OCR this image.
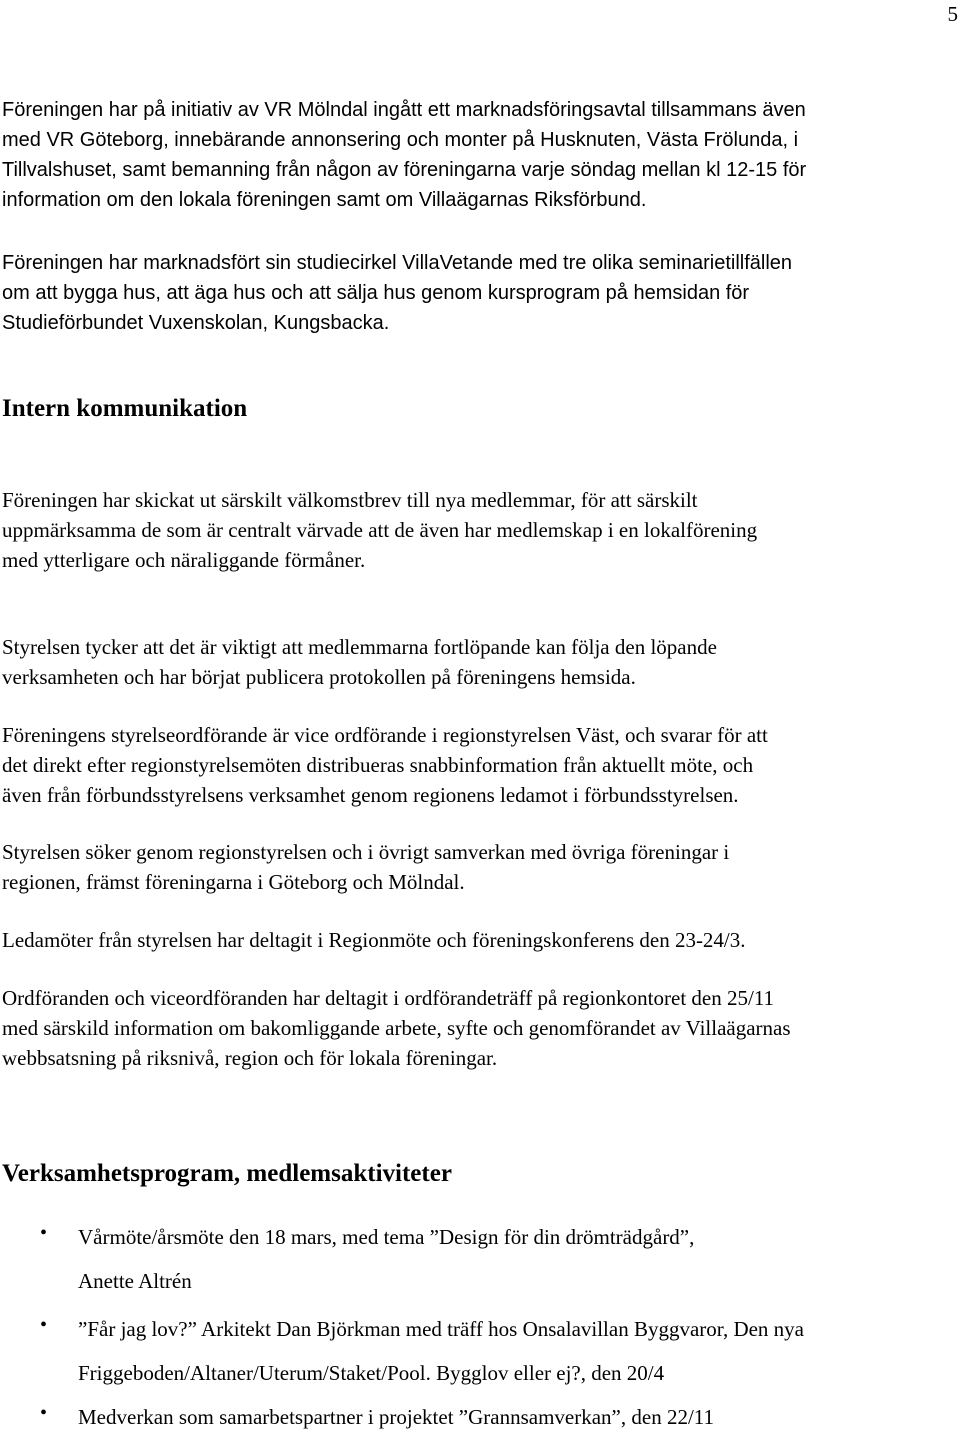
5

Föreningen har på initiativ av VR Mölndal ingått ett marknadsföringsavtal tillsammans även
med VR Göteborg, innebärande annonsering och monter på Husknuten, Västa Frölunda, i
Tillvalshuset, samt bemanning från någon av föreningarna varje söndag mellan kl 12-15 för
information om den lokala föreningen samt om Villaägarnas Riksförbund.

Föreningen har marknadsfört sin studiecirkel VillaVetande med tre olika seminarietillfällen
om att bygga hus, att äga hus och att sälja hus genom kursprogram på hemsidan för
Studieförbundet Vuxenskolan, Kungsbacka.

Intern kommunikation

Föreningen har skickat ut särskilt välkomstbrev till nya medlemmar, för att särskilt
uppmärksamma de som är centralt värvade att de även har medlemskap i en lokalförening
med ytterligare och näraliggande förmåner.

Styrelsen tycker att det är viktigt att medlemmarna fortlöpande kan följa den löpande
verksamheten och har börjat publicera protokollen på föreningens hemsida.

Föreningens styrelseordförande är vice ordförande i regionstyrelsen Väst, och svarar för att
det direkt efter regionstyrelsemöten distribueras snabbinformation från aktuellt möte, och
även från förbundsstyrelsens verksamhet genom regionens ledamot i förbundsstyrelsen.

Styrelsen söker genom regionstyrelsen och i övrigt samverkan med övriga föreningar i
regionen, främst föreningarna i Göteborg och Mölndal.

Ledamöter från styrelsen har deltagit i Regionmöte och föreningskonferens den 23-24/3.

Ordföranden och viceordföranden har deltagit i ordförandeträff på regionkontoret den 25/11
med särskild information om bakomliggande arbete, syfte och genomförandet av Villaägarnas
webbsatsning på riksnivå, region och för lokala föreningar.

Verksamhetsprogram, medlemsaktiviteter
• Vårmöte/årsmöte den 18 mars, med tema ”Design för din drömträdgård”,
Anette Altrén
• ”Får jag lov?” Arkitekt Dan Björkman med träff hos Onsalavillan Byggvaror, Den nya
Friggeboden/Altaner/Uterum/Staket/Pool. Bygglov eller ej?, den 20/4
• Medverkan som samarbetspartner i projektet ”Grannsamverkan”, den 22/11
